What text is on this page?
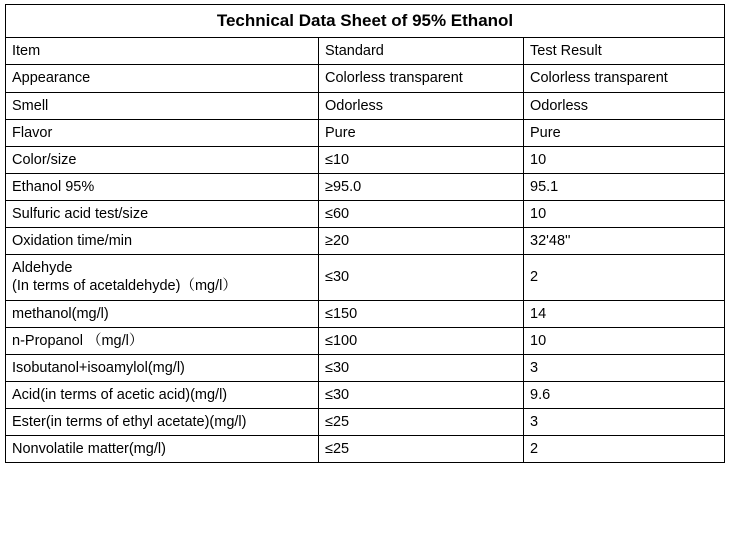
Technical Data Sheet of 95% Ethanol		
Item	Standard	Test Result
Appearance	Colorless transparent	Colorless transparent
Smell	Odorless	Odorless
Flavor	Pure	Pure
Color/size	≤10	10
Ethanol 95%	≥95.0	95.1
Sulfuric acid test/size	≤60	10
Oxidation time/min	≥20	32'48''

Aldehyde
(In terms of acetaldehyde)（mg/l）	≤30	2
methanol(mg/l)	≤150	14
n-Propanol （mg/l）	≤100	10
Isobutanol+isoamylol(mg/l)	≤30	3
Acid(in terms of acetic acid)(mg/l)	≤30	9.6
Ester(in terms of ethyl acetate)(mg/l)	≤25	3
Nonvolatile matter(mg/l)	≤25	2
